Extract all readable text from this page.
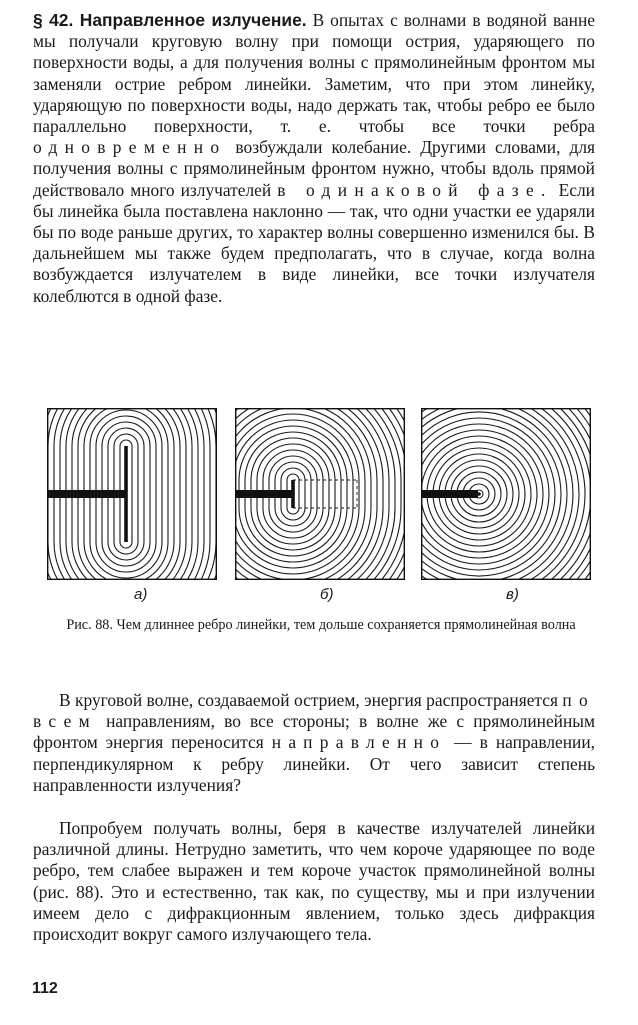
§ 42. Направленное излучение. В опытах с волнами в водяной ванне мы получали круговую волну при помощи острия, ударяющего по поверхности воды, а для получения волны с прямолинейным фронтом мы заменяли острие ребром линейки. Заметим, что при этом линейку, ударяющую по поверхности воды, надо держать так, чтобы ребро ее было параллельно поверхности, т. е. чтобы все точки ребра одновременно возбуждали колебание. Другими словами, для получения волны с прямолинейным фронтом нужно, чтобы вдоль прямой действовало много излучателей в одинаковой фазе. Если бы линейка была поставлена наклонно — так, что одни участки ее ударяли бы по воде раньше других, то характер волны совершенно изменился бы. В дальнейшем мы также будем предполагать, что в случае, когда волна возбуждается излучателем в виде линейки, все точки излучателя колеблются в одной фазе.

а)	б)	в)

Рис. 88. Чем длиннее ребро линейки, тем дольше сохраняется прямолинейная волна

В круговой волне, создаваемой острием, энергия распространяется по всем направлениям, во все стороны; в волне же с прямолинейным фронтом энергия переносится направленно — в направлении, перпендикулярном к ребру линейки. От чего зависит степень направленности излучения?

Попробуем получать волны, беря в качестве излучателей линейки различной длины. Нетрудно заметить, что чем короче ударяющее по воде ребро, тем слабее выражен и тем короче участок прямолинейной волны (рис. 88). Это и естественно, так как, по существу, мы и при излучении имеем дело с дифракционным явлением, только здесь дифракция происходит вокруг самого излучающего тела.

112
